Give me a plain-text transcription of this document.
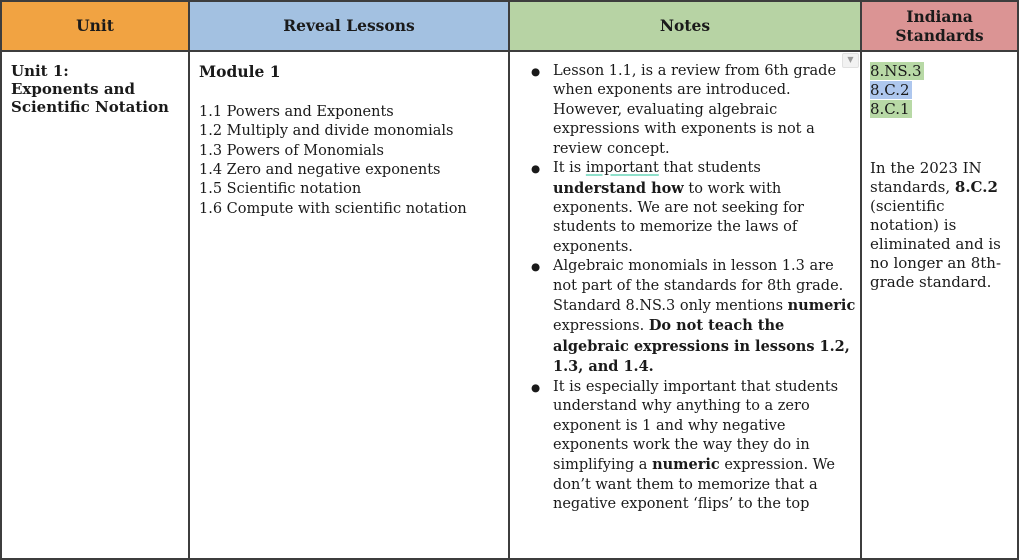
Unit	Reveal Lessons	Notes
Indiana Standards
Unit 1:
Exponents and Scientific Notation
Module 1
1.1 Powers and Exponents
1.2 Multiply and divide monomials
1.3 Powers of Monomials
1.4 Zero and negative exponents
1.5 Scientific notation
1.6 Compute with scientific notation
▼
● Lesson 1.1, is a review from 6th grade when exponents are introduced. However, evaluating algebraic expressions with exponents is not a review concept.
● It is important that students understand how to work with exponents. We are not seeking for students to memorize the laws of exponents.
● Algebraic monomials in lesson 1.3 are not part of the standards for 8th grade. Standard 8.NS.3 only mentions numeric expressions. Do not teach the algebraic expressions in lessons 1.2, 1.3, and 1.4.
● It is especially important that students understand why anything to a zero exponent is 1 and why negative exponents work the way they do in simplifying a numeric expression. We don’t want them to memorize that a negative exponent ‘flips’ to the top
8.NS.3
8.C.2
8.C.1
In the 2023 IN standards, 8.C.2 (scientific notation) is eliminated and is no longer an 8th-grade standard.
